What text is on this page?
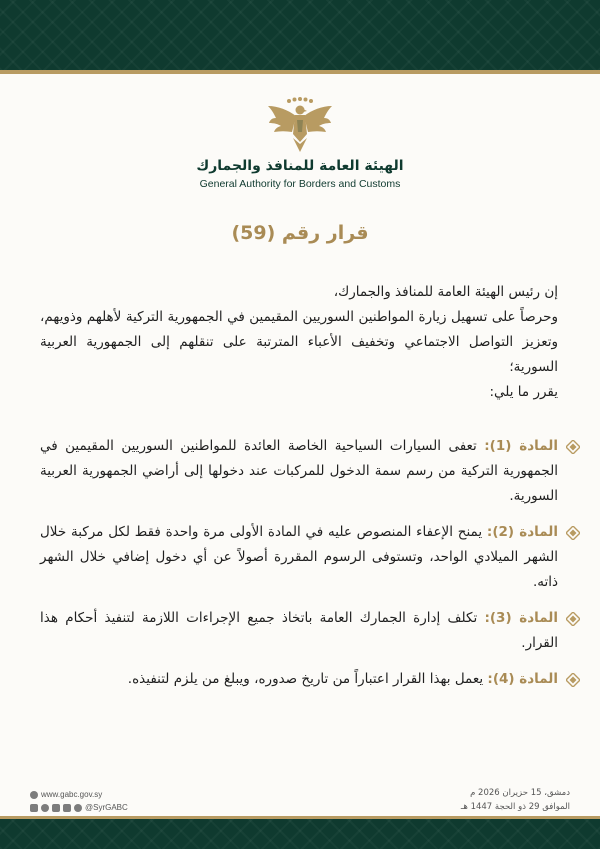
الهيئة العامة للمنافذ والجمارك
General Authority for Borders and Customs
قرار رقم (59)

إن رئيس الهيئة العامة للمنافذ والجمارك،

وحرصاً على تسهيل زيارة المواطنين السوريين المقيمين في الجمهورية التركية لأهلهم وذويهم، وتعزيز التواصل الاجتماعي وتخفيف الأعباء المترتبة على تنقلهم إلى الجمهورية العربية السورية؛

يقرر ما يلي:

المادة (1): تعفى السيارات السياحية الخاصة العائدة للمواطنين السوريين المقيمين في الجمهورية التركية من رسم سمة الدخول للمركبات عند دخولها إلى أراضي الجمهورية العربية السورية.
المادة (2): يمنح الإعفاء المنصوص عليه في المادة الأولى مرة واحدة فقط لكل مركبة خلال الشهر الميلادي الواحد، وتستوفى الرسوم المقررة أصولاً عن أي دخول إضافي خلال الشهر ذاته.
المادة (3): تكلف إدارة الجمارك العامة باتخاذ جميع الإجراءات اللازمة لتنفيذ أحكام هذا القرار.
المادة (4): يعمل بهذا القرار اعتباراً من تاريخ صدوره، ويبلغ من يلزم لتنفيذه.
www.gabc.gov.sy
@SyrGABC
دمشق، 15 حزيران 2026 م
الموافق 29 ذو الحجة 1447 هـ
